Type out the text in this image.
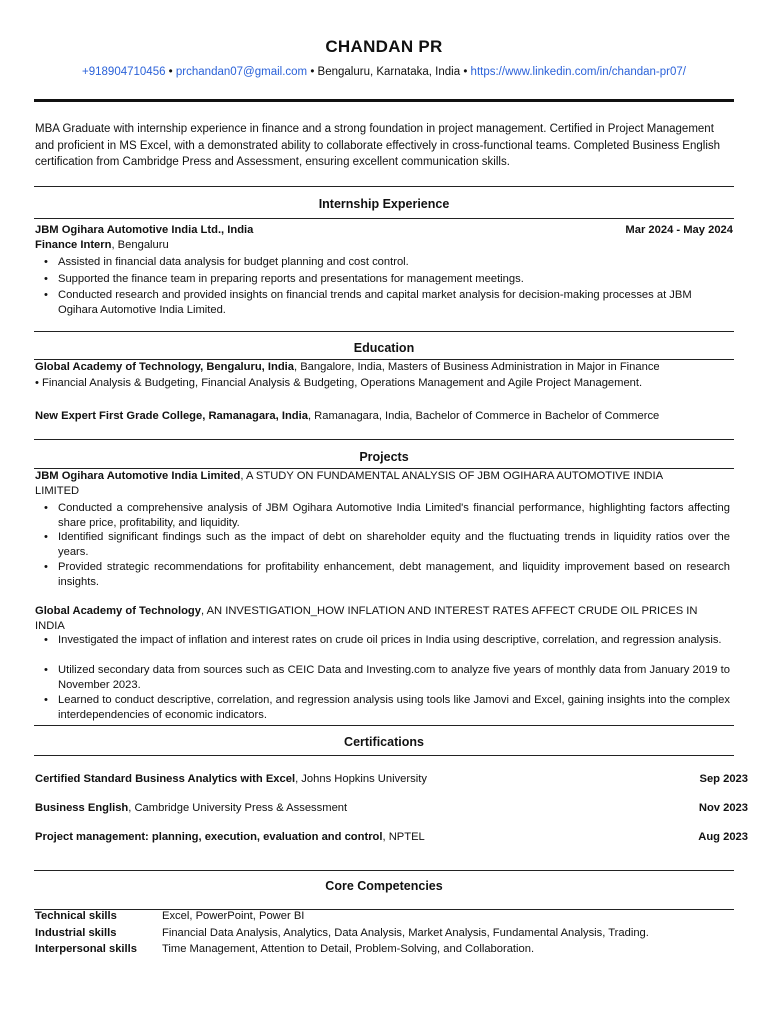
CHANDAN PR
+918904710456 • prchandan07@gmail.com • Bengaluru, Karnataka, India • https://www.linkedin.com/in/chandan-pr07/
MBA Graduate with internship experience in finance and a strong foundation in project management. Certified in Project Management and proficient in MS Excel, with a demonstrated ability to collaborate effectively in cross-functional teams. Completed Business English certification from Cambridge Press and Assessment, ensuring excellent communication skills.
Internship Experience
JBM Ogihara Automotive India Ltd., India	Mar 2024 - May 2024
Finance Intern, Bengaluru
• Assisted in financial data analysis for budget planning and cost control.
• Supported the finance team in preparing reports and presentations for management meetings.
• Conducted research and provided insights on financial trends and capital market analysis for decision-making processes at JBM Ogihara Automotive India Limited.
Education
Global Academy of Technology, Bengaluru, India, Bangalore, India, Masters of Business Administration in Major in Finance
• Financial Analysis & Budgeting, Financial Analysis & Budgeting, Operations Management and Agile Project Management.
New Expert First Grade College, Ramanagara, India, Ramanagara, India, Bachelor of Commerce in Bachelor of Commerce
Projects
JBM Ogihara Automotive India Limited, A STUDY ON FUNDAMENTAL ANALYSIS OF JBM OGIHARA AUTOMOTIVE INDIA LIMITED
• Conducted a comprehensive analysis of JBM Ogihara Automotive India Limited's financial performance, highlighting factors affecting share price, profitability, and liquidity.
• Identified significant findings such as the impact of debt on shareholder equity and the fluctuating trends in liquidity ratios over the years.
• Provided strategic recommendations for profitability enhancement, debt management, and liquidity improvement based on research insights.
Global Academy of Technology, AN INVESTIGATION_HOW INFLATION AND INTEREST RATES AFFECT CRUDE OIL PRICES IN INDIA
• Investigated the impact of inflation and interest rates on crude oil prices in India using descriptive, correlation, and regression analysis.
• Utilized secondary data from sources such as CEIC Data and Investing.com to analyze five years of monthly data from January 2019 to November 2023.
• Learned to conduct descriptive, correlation, and regression analysis using tools like Jamovi and Excel, gaining insights into the complex interdependencies of economic indicators.
Certifications
Certified Standard Business Analytics with Excel, Johns Hopkins University	Sep 2023
Business English, Cambridge University Press & Assessment	Nov 2023
Project management: planning, execution, evaluation and control, NPTEL	Aug 2023
Core Competencies
Technical skills	Excel, PowerPoint, Power BI
Industrial skills	Financial Data Analysis, Analytics, Data Analysis, Market Analysis, Fundamental Analysis, Trading.
Interpersonal skills	Time Management, Attention to Detail, Problem-Solving, and Collaboration.
